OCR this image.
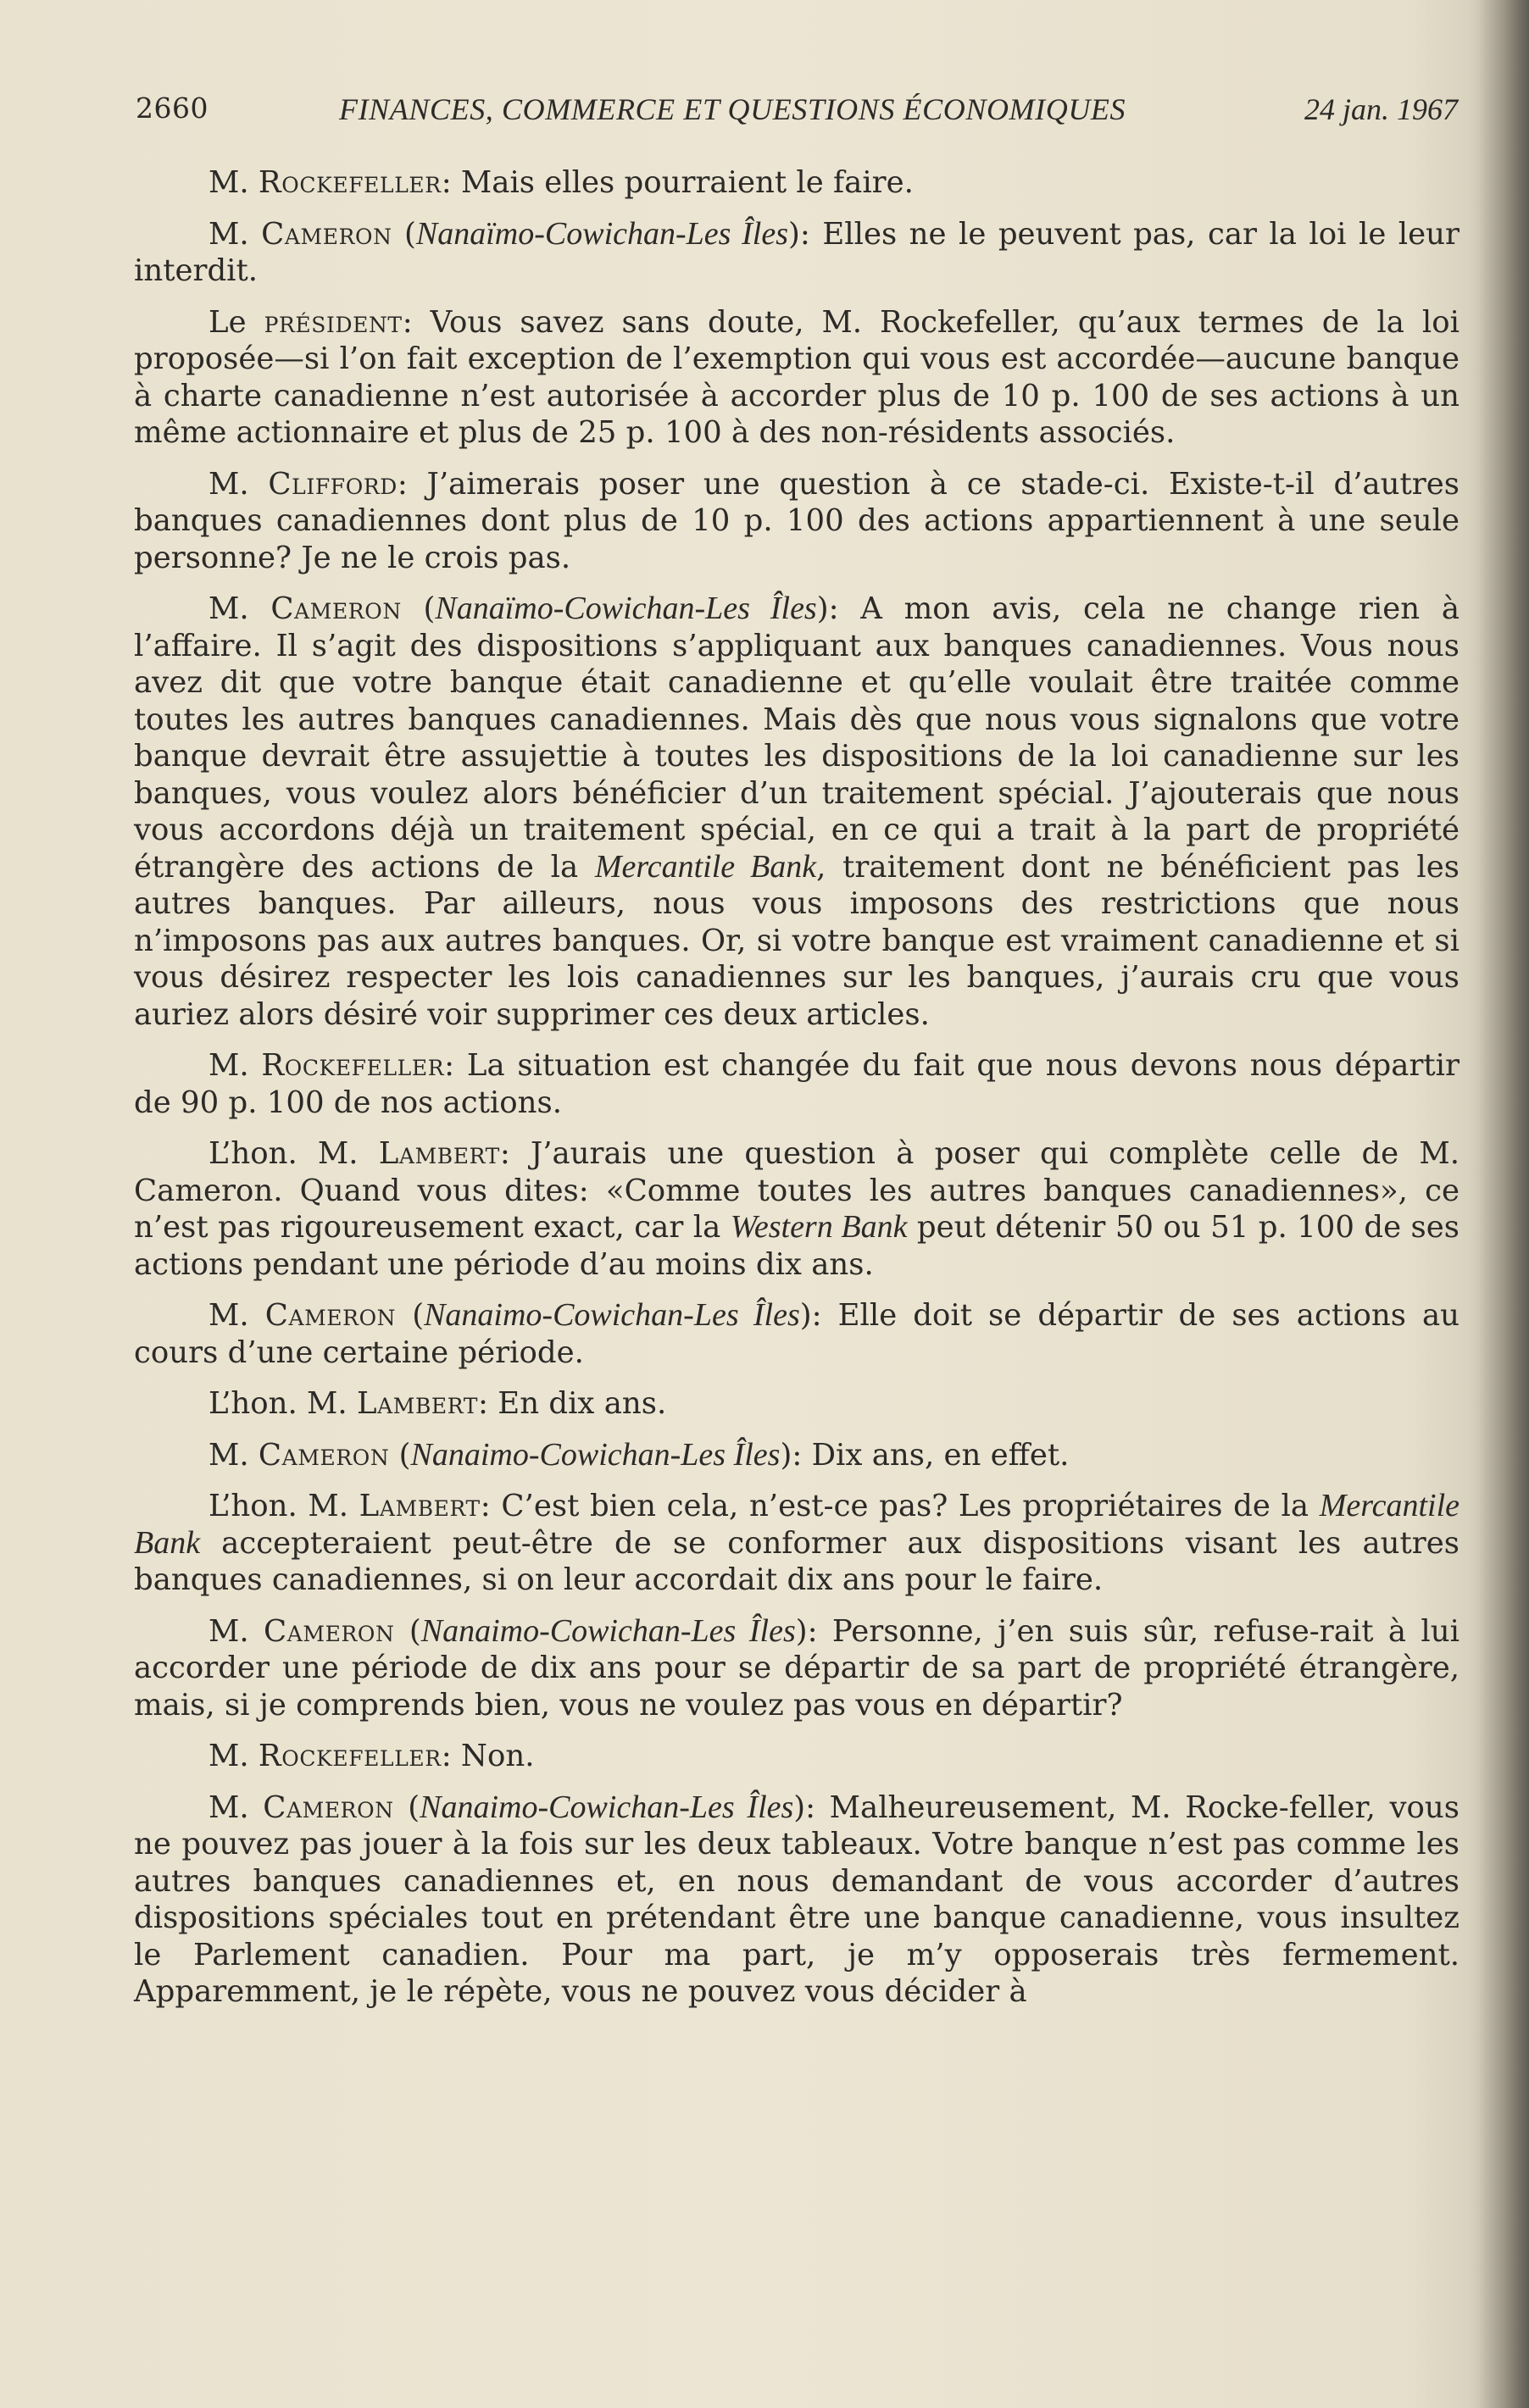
2660	FINANCES, COMMERCE ET QUESTIONS ÉCONOMIQUES	24 jan. 1967

M. Rockefeller: Mais elles pourraient le faire.

M. Cameron (Nanaïmo-Cowichan-Les Îles): Elles ne le peuvent pas, car la loi le leur interdit.

Le président: Vous savez sans doute, M. Rockefeller, qu’aux termes de la loi proposée—si l’on fait exception de l’exemption qui vous est accordée—aucune banque à charte canadienne n’est autorisée à accorder plus de 10 p. 100 de ses actions à un même actionnaire et plus de 25 p. 100 à des non-résidents associés.

M. Clifford: J’aimerais poser une question à ce stade-ci. Existe-t-il d’autres banques canadiennes dont plus de 10 p. 100 des actions appartiennent à une seule personne? Je ne le crois pas.

M. Cameron (Nanaïmo-Cowichan-Les Îles): A mon avis, cela ne change rien à l’affaire. Il s’agit des dispositions s’appliquant aux banques canadiennes. Vous nous avez dit que votre banque était canadienne et qu’elle voulait être traitée comme toutes les autres banques canadiennes. Mais dès que nous vous signalons que votre banque devrait être assujettie à toutes les dispositions de la loi canadienne sur les banques, vous voulez alors bénéficier d’un traitement spécial. J’ajouterais que nous vous accordons déjà un traitement spécial, en ce qui a trait à la part de propriété étrangère des actions de la Mercantile Bank, traitement dont ne bénéficient pas les autres banques. Par ailleurs, nous vous imposons des restrictions que nous n’imposons pas aux autres banques. Or, si votre banque est vraiment canadienne et si vous désirez respecter les lois canadiennes sur les banques, j’aurais cru que vous auriez alors désiré voir supprimer ces deux articles.

M. Rockefeller: La situation est changée du fait que nous devons nous départir de 90 p. 100 de nos actions.

L’hon. M. Lambert: J’aurais une question à poser qui complète celle de M. Cameron. Quand vous dites: «Comme toutes les autres banques canadiennes», ce n’est pas rigoureusement exact, car la Western Bank peut détenir 50 ou 51 p. 100 de ses actions pendant une période d’au moins dix ans.

M. Cameron (Nanaimo-Cowichan-Les Îles): Elle doit se départir de ses actions au cours d’une certaine période.

L’hon. M. Lambert: En dix ans.

M. Cameron (Nanaimo-Cowichan-Les Îles): Dix ans, en effet.

L’hon. M. Lambert: C’est bien cela, n’est-ce pas? Les propriétaires de la Mercantile Bank accepteraient peut-être de se conformer aux dispositions visant les autres banques canadiennes, si on leur accordait dix ans pour le faire.

M. Cameron (Nanaimo-Cowichan-Les Îles): Personne, j’en suis sûr, refuse-rait à lui accorder une période de dix ans pour se départir de sa part de propriété étrangère, mais, si je comprends bien, vous ne voulez pas vous en départir?

M. Rockefeller: Non.

M. Cameron (Nanaimo-Cowichan-Les Îles): Malheureusement, M. Rocke-feller, vous ne pouvez pas jouer à la fois sur les deux tableaux. Votre banque n’est pas comme les autres banques canadiennes et, en nous demandant de vous accorder d’autres dispositions spéciales tout en prétendant être une banque canadienne, vous insultez le Parlement canadien. Pour ma part, je m’y opposerais très fermement. Apparemment, je le répète, vous ne pouvez vous décider à
